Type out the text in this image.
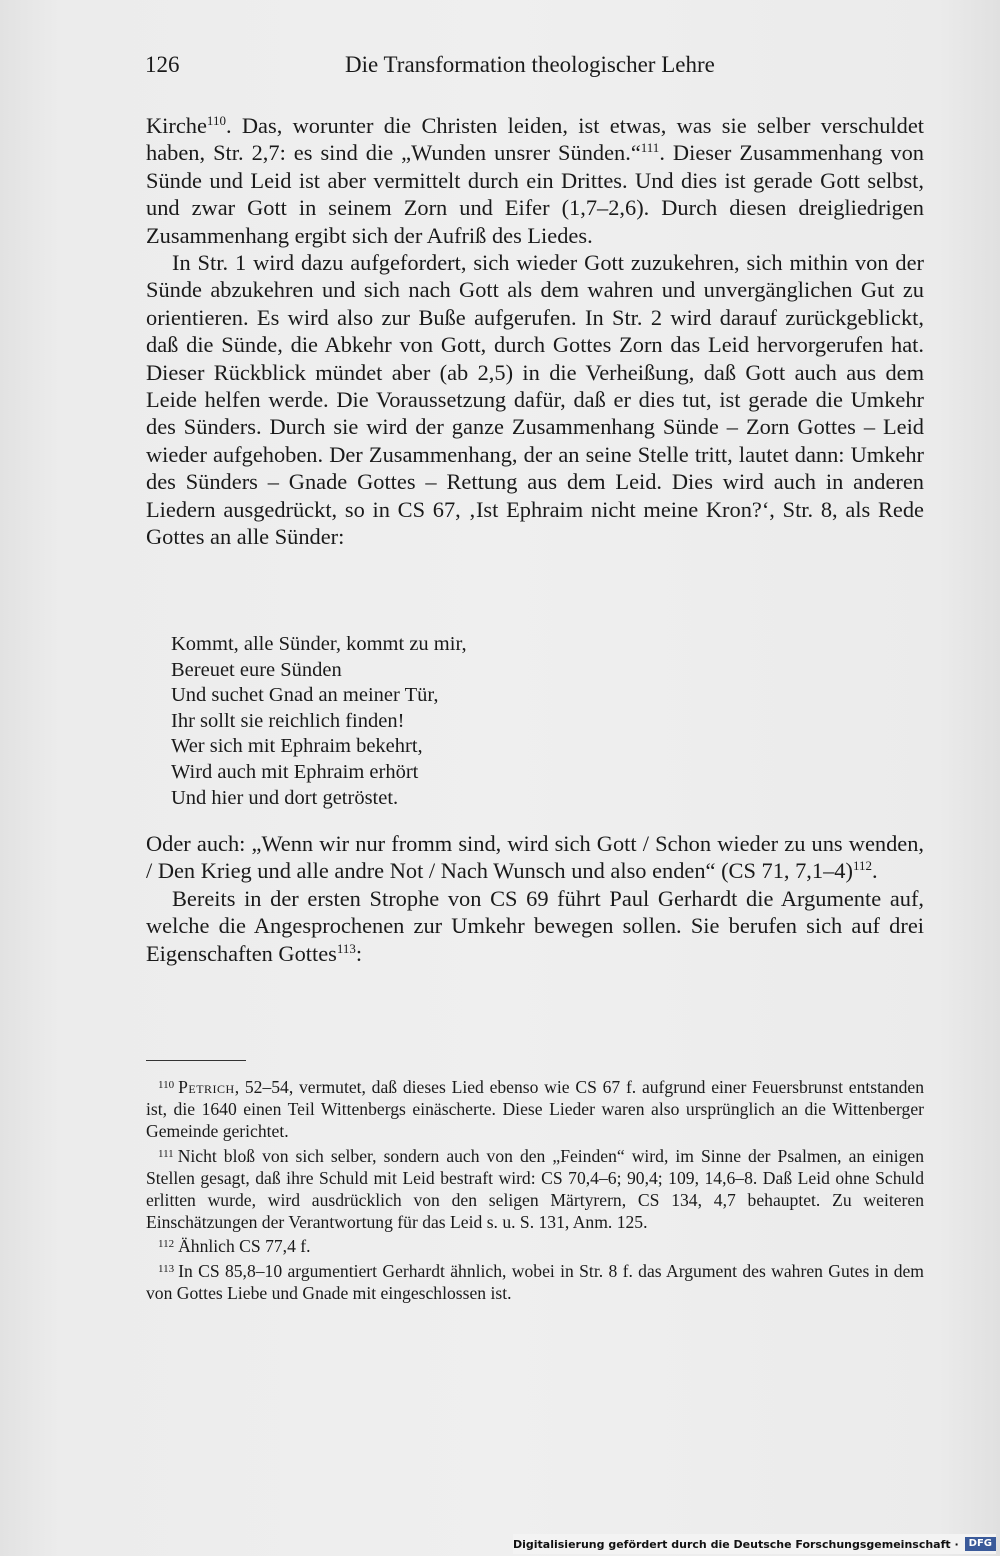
126	Die Transformation theologischer Lehre

Kirche$^{110}$. Das, worunter die Christen leiden, ist etwas, was sie selber verschuldet haben, Str. 2,7: es sind die „Wunden unsrer Sünden.“$^{111}$. Dieser Zusammenhang von Sünde und Leid ist aber vermittelt durch ein Drittes. Und dies ist gerade Gott selbst, und zwar Gott in seinem Zorn und Eifer (1,7–2,6). Durch diesen dreigliedrigen Zusammenhang ergibt sich der Aufriß des Liedes.

In Str. 1 wird dazu aufgefordert, sich wieder Gott zuzukehren, sich mithin von der Sünde abzukehren und sich nach Gott als dem wahren und unvergänglichen Gut zu orientieren. Es wird also zur Buße aufgerufen. In Str. 2 wird darauf zurückgeblickt, daß die Sünde, die Abkehr von Gott, durch Gottes Zorn das Leid hervorgerufen hat. Dieser Rückblick mündet aber (ab 2,5) in die Verheißung, daß Gott auch aus dem Leide helfen werde. Die Voraussetzung dafür, daß er dies tut, ist gerade die Umkehr des Sünders. Durch sie wird der ganze Zusammenhang Sünde – Zorn Gottes – Leid wieder aufgehoben. Der Zusammenhang, der an seine Stelle tritt, lautet dann: Umkehr des Sünders – Gnade Gottes – Rettung aus dem Leid. Dies wird auch in anderen Liedern ausgedrückt, so in CS 67, ‚Ist Ephraim nicht meine Kron?‘, Str. 8, als Rede Gottes an alle Sünder:

Kommt, alle Sünder, kommt zu mir,
Bereuet eure Sünden
Und suchet Gnad an meiner Tür,
Ihr sollt sie reichlich finden!
Wer sich mit Ephraim bekehrt,
Wird auch mit Ephraim erhört
Und hier und dort getröstet.

Oder auch: „Wenn wir nur fromm sind, wird sich Gott / Schon wieder zu uns wenden, / Den Krieg und alle andre Not / Nach Wunsch und also enden“ (CS 71, 7,1–4)$^{112}$.

Bereits in der ersten Strophe von CS 69 führt Paul Gerhardt die Argumente auf, welche die Angesprochenen zur Umkehr bewegen sollen. Sie berufen sich auf drei Eigenschaften Gottes$^{113}$:

$^{110}$ Petrich, 52–54, vermutet, daß dieses Lied ebenso wie CS 67 f. aufgrund einer Feuersbrunst entstanden ist, die 1640 einen Teil Wittenbergs einäscherte. Diese Lieder waren also ursprünglich an die Wittenberger Gemeinde gerichtet.

$^{111}$ Nicht bloß von sich selber, sondern auch von den „Feinden“ wird, im Sinne der Psalmen, an einigen Stellen gesagt, daß ihre Schuld mit Leid bestraft wird: CS 70,4–6; 90,4; 109, 14,6–8. Daß Leid ohne Schuld erlitten wurde, wird ausdrücklich von den seligen Märtyrern, CS 134, 4,7 behauptet. Zu weiteren Einschätzungen der Verantwortung für das Leid s. u. S. 131, Anm. 125.

$^{112}$ Ähnlich CS 77,4 f.

$^{113}$ In CS 85,8–10 argumentiert Gerhardt ähnlich, wobei in Str. 8 f. das Argument des wahren Gutes in dem von Gottes Liebe und Gnade mit eingeschlossen ist.

Digitalisierung gefördert durch die Deutsche Forschungsgemeinschaft ·	DFG
